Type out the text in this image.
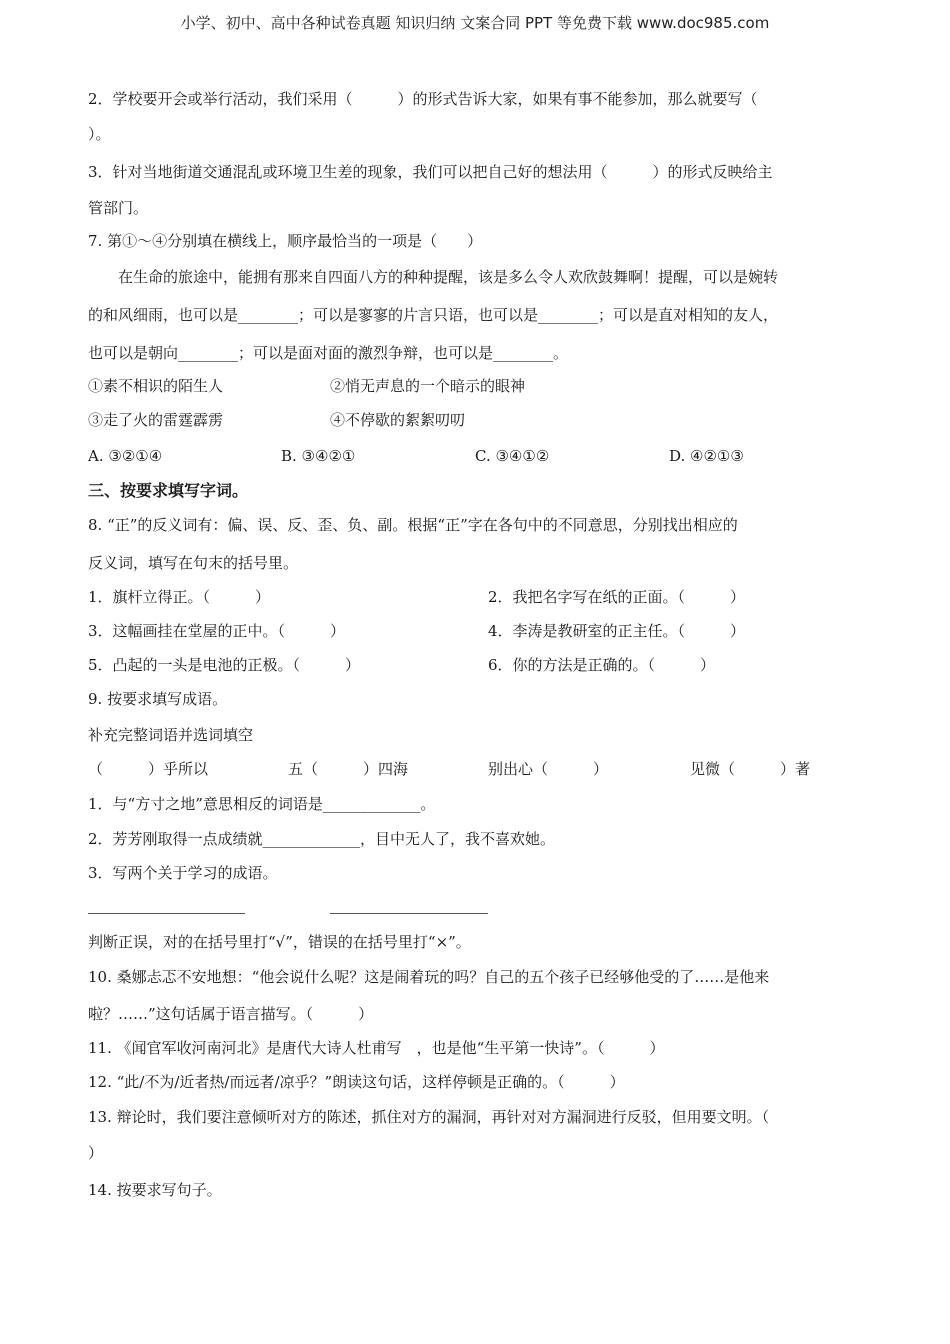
小学、初中、高中各种试卷真题 知识归纳 文案合同 PPT 等免费下载 www.doc985.com
2．学校要开会或举行活动，我们采用（　　　）的形式告诉大家，如果有事不能参加，那么就要写（
）。
3．针对当地街道交通混乱或环境卫生差的现象，我们可以把自己好的想法用（　　　）的形式反映给主
管部门。
7. 第①～④分别填在横线上，顺序最恰当的一项是（　　）
在生命的旅途中，能拥有那来自四面八方的种种提醒，该是多么令人欢欣鼓舞啊！提醒，可以是婉转
的和风细雨，也可以是________；可以是寥寥的片言只语，也可以是________；可以是直对相知的友人，
也可以是朝向________；可以是面对面的激烈争辩，也可以是________。
①素不相识的陌生人	②悄无声息的一个暗示的眼神
③走了火的雷霆霹雳	④不停歇的絮絮叨叨
A. ③②①④	B. ③④②①	C. ③④①②	D. ④②①③
三、按要求填写字词。
8. “正”的反义词有：偏、误、反、歪、负、副。根据“正”字在各句中的不同意思，分别找出相应的
反义词，填写在句末的括号里。
1．旗杆立得正。（　　　）	2．我把名字写在纸的正面。（　　　）
3．这幅画挂在堂屋的正中。（　　　）	4．李涛是教研室的正主任。（　　　）
5．凸起的一头是电池的正极。（　　　）	6．你的方法是正确的。（　　　）
9. 按要求填写成语。
补充完整词语并选词填空
（　　　）乎所以	五（　　　）四海	别出心（　　　）	见微（　　　）著
1．与“方寸之地”意思相反的词语是_____________。
2．芳芳刚取得一点成绩就_____________，目中无人了，我不喜欢她。
3．写两个关于学习的成语。
判断正误，对的在括号里打“√”，错误的在括号里打“×”。
10. 桑娜忐忑不安地想：“他会说什么呢？这是闹着玩的吗？自己的五个孩子已经够他受的了……是他来
啦？……”这句话属于语言描写。（　　　）
11. 《闻官军收河南河北》是唐代大诗人杜甫写　，也是他“生平第一快诗”。（　　　）
12. “此/不为/近者热/而远者/凉乎？”朗读这句话，这样停顿是正确的。（　　　）
13. 辩论时，我们要注意倾听对方的陈述，抓住对方的漏洞，再针对对方漏洞进行反驳，但用要文明。（
）
14. 按要求写句子。
